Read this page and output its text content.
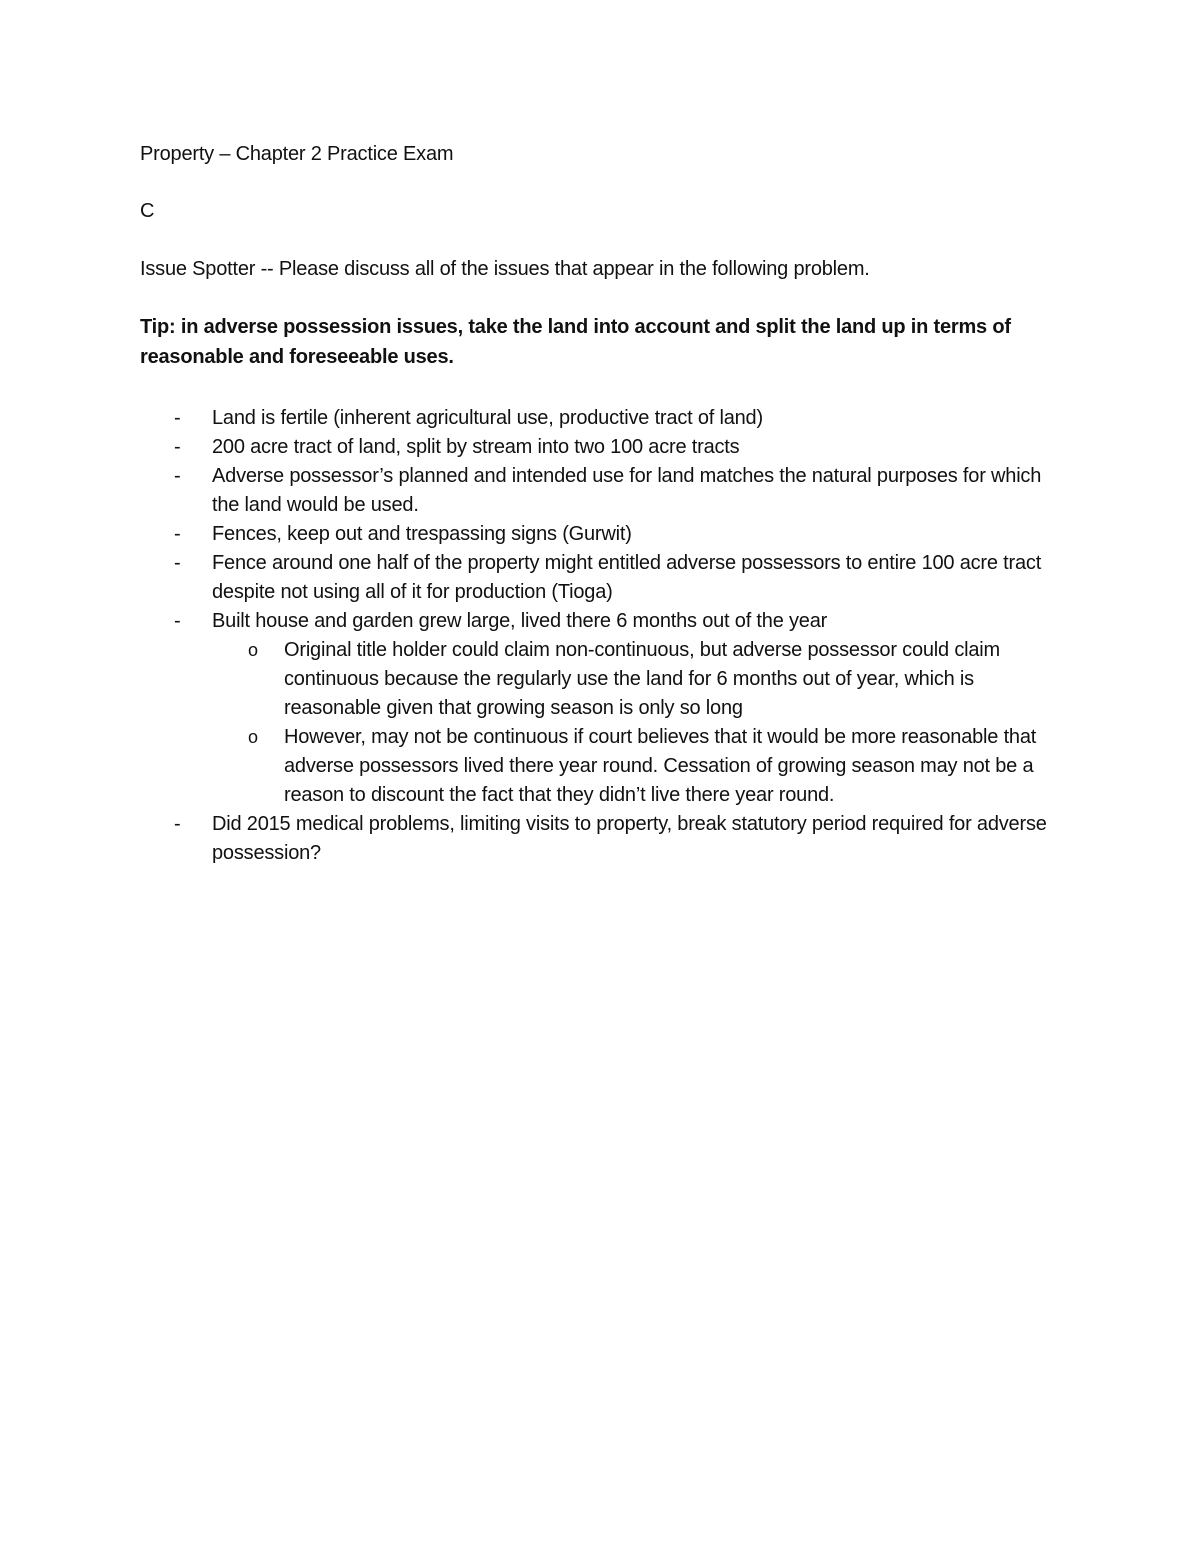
Property – Chapter 2 Practice Exam

C

Issue Spotter -- Please discuss all of the issues that appear in the following problem.

Tip: in adverse possession issues, take the land into account and split the land up in terms of reasonable and foreseeable uses.

- Land is fertile (inherent agricultural use, productive tract of land)
- 200 acre tract of land, split by stream into two 100 acre tracts
- Adverse possessor’s planned and intended use for land matches the natural purposes for which the land would be used.
- Fences, keep out and trespassing signs (Gurwit)
- Fence around one half of the property might entitled adverse possessors to entire 100 acre tract despite not using all of it for production (Tioga)
- Built house and garden grew large, lived there 6 months out of the year
o Original title holder could claim non-continuous, but adverse possessor could claim continuous because the regularly use the land for 6 months out of year, which is reasonable given that growing season is only so long
o However, may not be continuous if court believes that it would be more reasonable that adverse possessors lived there year round. Cessation of growing season may not be a reason to discount the fact that they didn’t live there year round.
- Did 2015 medical problems, limiting visits to property, break statutory period required for adverse possession?
